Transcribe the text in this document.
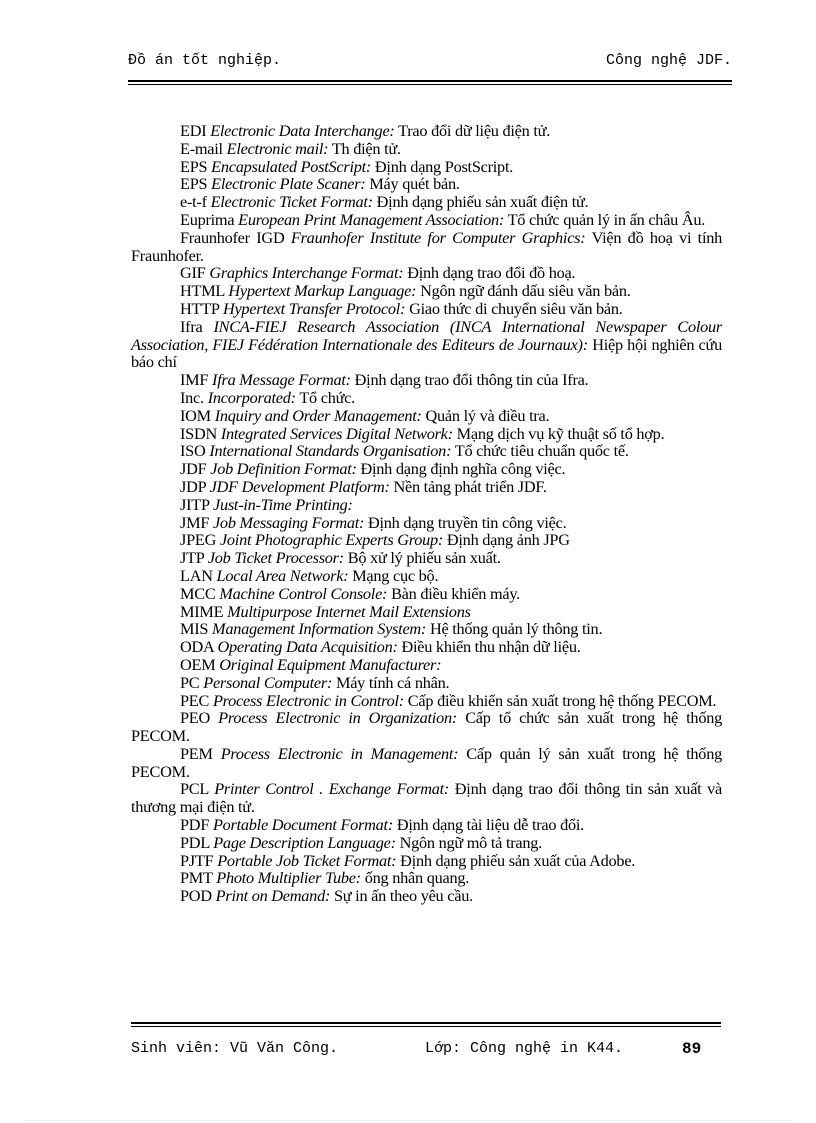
Đồ án tốt nghiệp.	Công nghệ JDF.

EDI Electronic Data Interchange: Trao đổi dữ liệu điện tử.

E-mail Electronic mail: Th điện tử.

EPS Encapsulated PostScript: Định dạng PostScript.

EPS Electronic Plate Scaner: Máy quét bản.

e-t-f Electronic Ticket Format: Định dạng phiếu sản xuất điện tử.

Euprima European Print Management Association: Tổ chức quản lý in ấn châu Âu.

Fraunhofer IGD Fraunhofer Institute for Computer Graphics: Viện đồ hoạ vi tính Fraunhofer.

GIF Graphics Interchange Format: Định dạng trao đổi đồ hoạ.

HTML Hypertext Markup Language: Ngôn ngữ đánh dấu siêu văn bản.

HTTP Hypertext Transfer Protocol: Giao thức di chuyển siêu văn bản.

Ifra INCA-FIEJ Research Association (INCA International Newspaper Colour Association, FIEJ Fédération Internationale des Editeurs de Journaux): Hiệp hội nghiên cứu báo chí

IMF Ifra Message Format: Định dạng trao đổi thông tin của Ifra.

Inc. Incorporated: Tổ chức.

IOM Inquiry and Order Management: Quản lý và điều tra.

ISDN Integrated Services Digital Network: Mạng dịch vụ kỹ thuật số tổ hợp.

ISO International Standards Organisation: Tổ chức tiêu chuẩn quốc tế.

JDF Job Definition Format: Định dạng định nghĩa công việc.

JDP JDF Development Platform: Nền tảng phát triển JDF.

JITP Just-in-Time Printing:

JMF Job Messaging Format: Định dạng truyền tin công việc.

JPEG Joint Photographic Experts Group: Định dạng ảnh JPG

JTP Job Ticket Processor: Bộ xử lý phiếu sản xuất.

LAN Local Area Network: Mạng cục bộ.

MCC Machine Control Console: Bàn điều khiển máy.

MIME Multipurpose Internet Mail Extensions

MIS Management Information System: Hệ thống quản lý thông tin.

ODA Operating Data Acquisition: Điều khiển thu nhận dữ liệu.

OEM Original Equipment Manufacturer:

PC Personal Computer: Máy tính cá nhân.

PEC Process Electronic in Control: Cấp điều khiển sản xuất trong hệ thống PECOM.

PEO Process Electronic in Organization: Cấp tổ chức sản xuất trong hệ thống PECOM.

PEM Process Electronic in Management: Cấp quản lý sản xuất trong hệ thống PECOM.

PCL Printer Control . Exchange Format: Định dạng trao đổi thông tin sản xuất và thương mại điện tử.

PDF Portable Document Format: Định dạng tài liệu dễ trao đổi.

PDL Page Description Language: Ngôn ngữ mô tả trang.

PJTF Portable Job Ticket Format: Định dạng phiếu sản xuất của Adobe.

PMT Photo Multiplier Tube: ống nhân quang.

POD Print on Demand: Sự in ấn theo yêu cầu.

Sinh viên: Vũ Văn Công.	Lớp: Công nghệ in K44.	89
